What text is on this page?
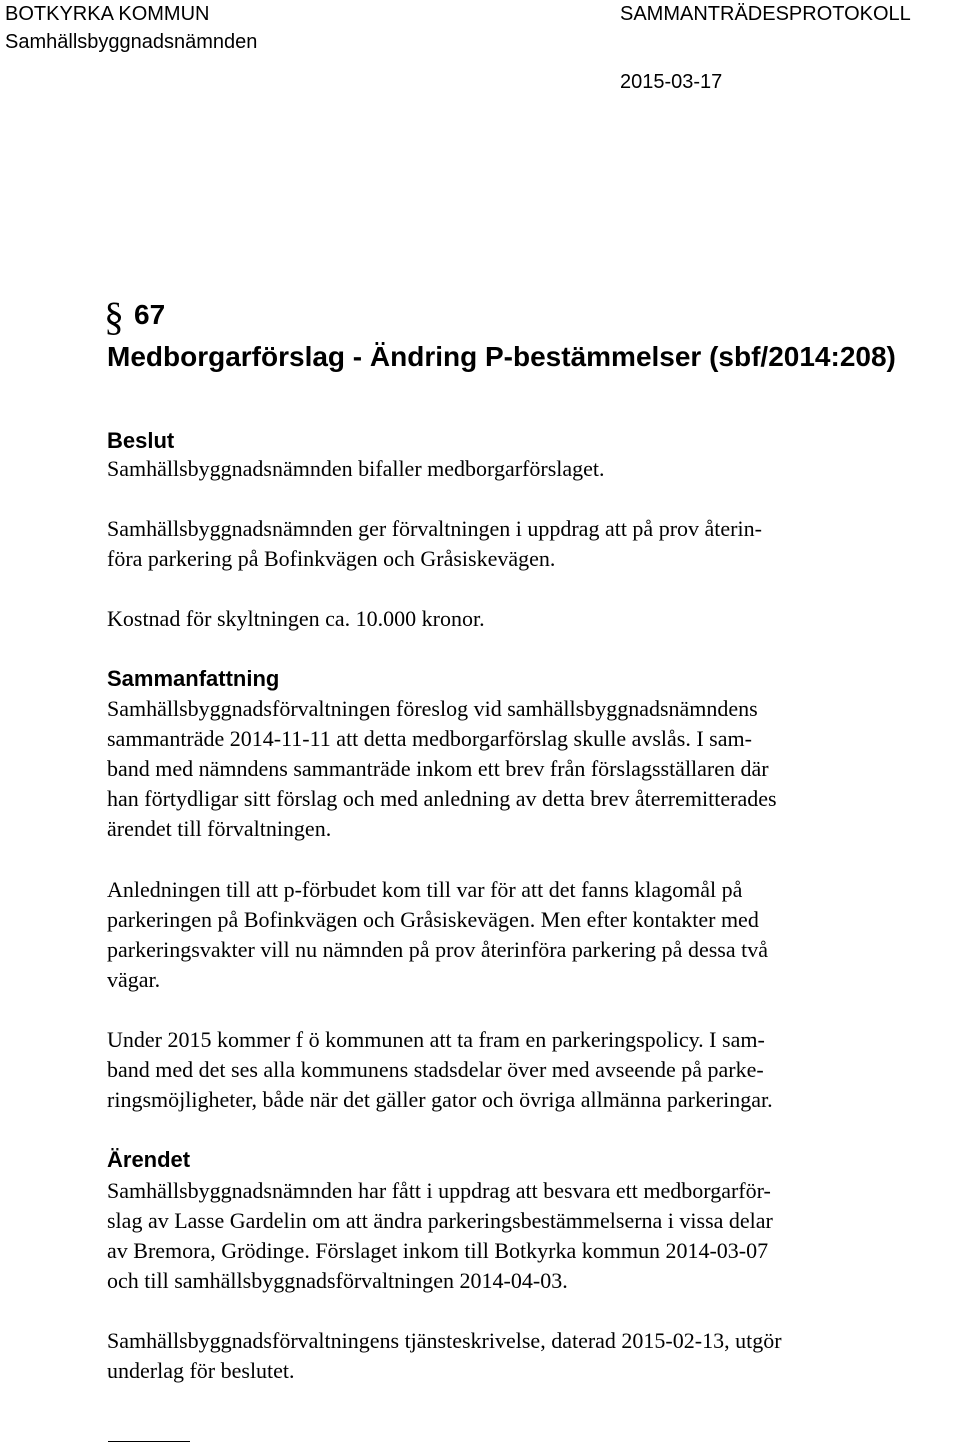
BOTKYRKA KOMMUN
Samhällsbyggnadsnämnden
SAMMANTRÄDESPROTOKOLL
2015-03-17
§ 67
Medborgarförslag - Ändring P-bestämmelser (sbf/2014:208)
Beslut
Samhällsbyggnadsnämnden bifaller medborgarförslaget.
Samhällsbyggnadsnämnden ger förvaltningen i uppdrag att på prov återin-
föra parkering på Bofinkvägen och Gråsiskevägen.
Kostnad för skyltningen ca. 10.000 kronor.
Sammanfattning
Samhällsbyggnadsförvaltningen föreslog vid samhällsbyggnadsnämndens
sammanträde 2014-11-11 att detta medborgarförslag skulle avslås. I sam-
band med nämndens sammanträde inkom ett brev från förslagsställaren där
han förtydligar sitt förslag och med anledning av detta brev återremitterades
ärendet till förvaltningen.
Anledningen till att p-förbudet kom till var för att det fanns klagomål på
parkeringen på Bofinkvägen och Gråsiskevägen. Men efter kontakter med
parkeringsvakter vill nu nämnden på prov återinföra parkering på dessa två
vägar.
Under 2015 kommer f ö kommunen att ta fram en parkeringspolicy. I sam-
band med det ses alla kommunens stadsdelar över med avseende på parke-
ringsmöjligheter, både när det gäller gator och övriga allmänna parkeringar.
Ärendet
Samhällsbyggnadsnämnden har fått i uppdrag att besvara ett medborgarför-
slag av Lasse Gardelin om att ändra parkeringsbestämmelserna i vissa delar
av Bremora, Grödinge. Förslaget inkom till Botkyrka kommun 2014-03-07
och till samhällsbyggnadsförvaltningen 2014-04-03.
Samhällsbyggnadsförvaltningens tjänsteskrivelse, daterad 2015-02-13, utgör
underlag för beslutet.
